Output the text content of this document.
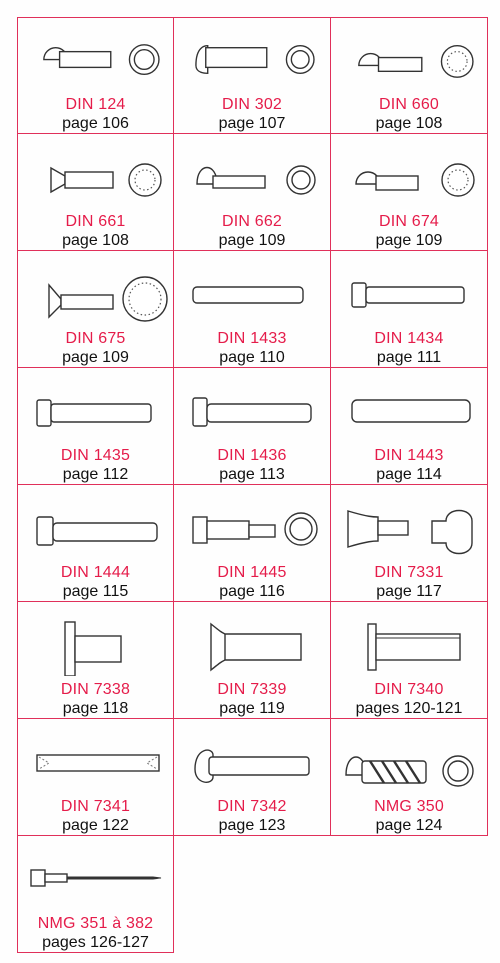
DIN 124
page 106
DIN 302
page 107
DIN 660
page 108
DIN 661
page 108
DIN 662
page 109
DIN 674
page 109
DIN 675
page 109
DIN 1433
page 110
DIN 1434
page 111
DIN 1435
page 112
DIN 1436
page 113
DIN 1443
page 114
DIN 1444
page 115
DIN 1445
page 116
DIN 7331
page 117
DIN 7338
page 118
DIN 7339
page 119
DIN 7340
pages 120-121
DIN 7341
page 122
DIN 7342
page 123
NMG 350
page 124
NMG 351 à 382
pages 126-127
